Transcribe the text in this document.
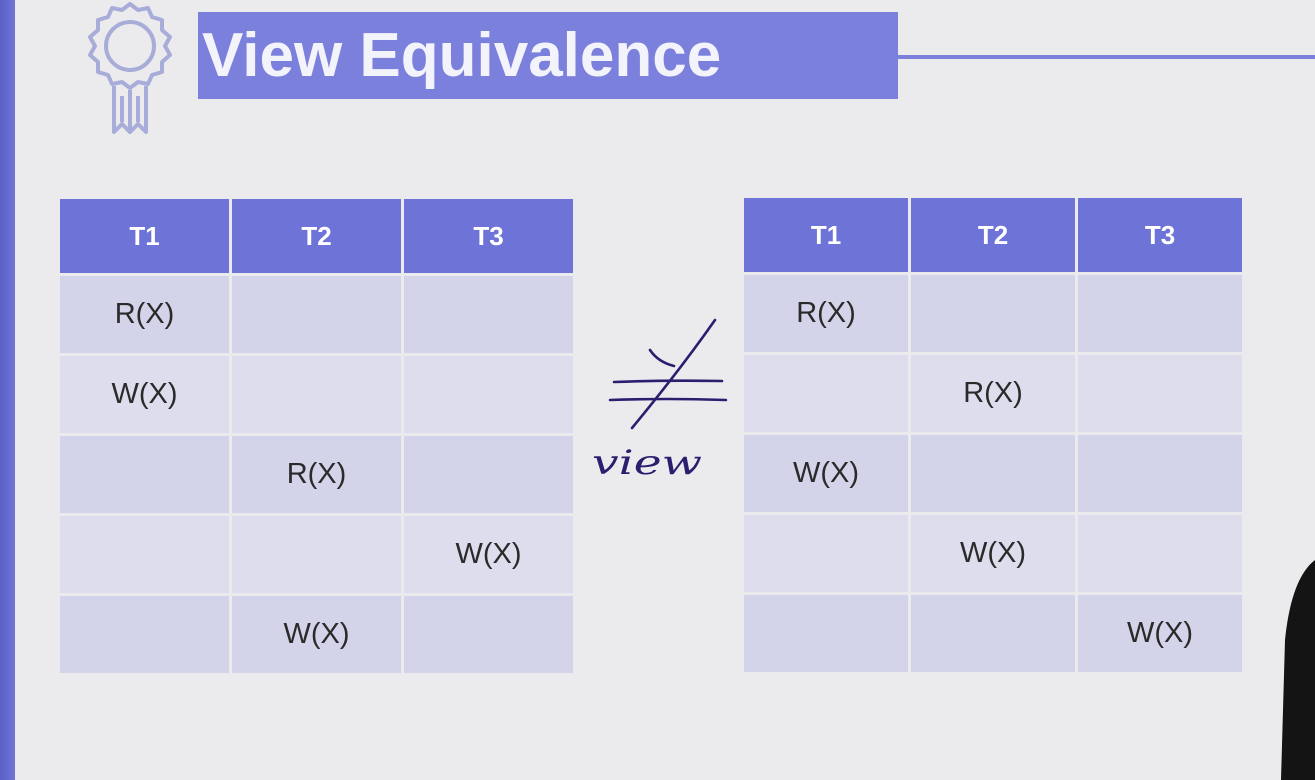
View Equivalence
T1	T2	T3
R(X)		
W(X)		
	R(X)	
		W(X)
	W(X)	
T1	T2	T3
R(X)		
	R(X)	
W(X)		
	W(X)	
		W(X)
view
